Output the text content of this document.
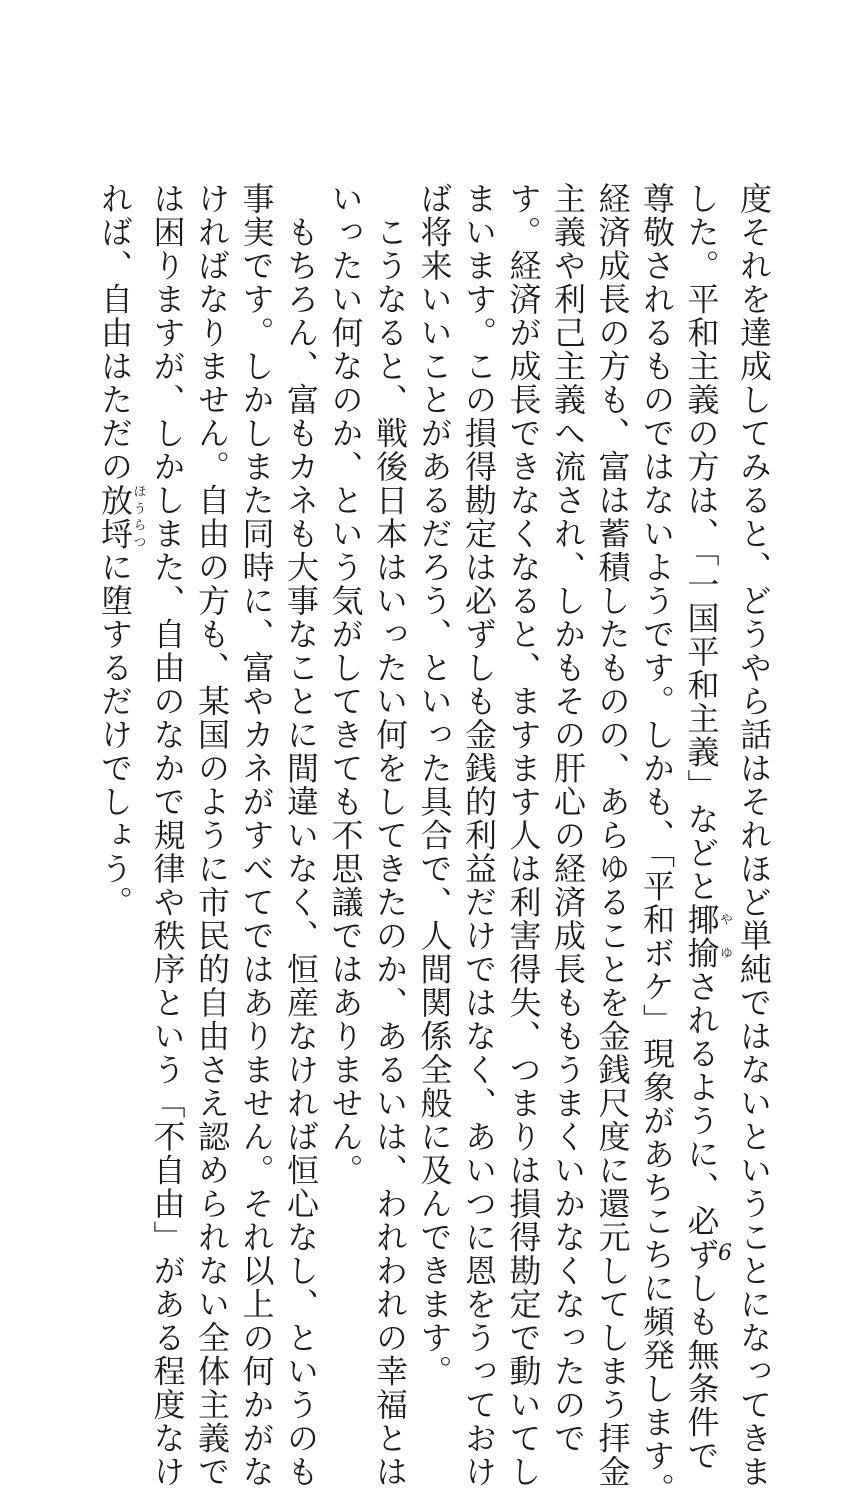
度それを達成してみると、どうやら話はそれほど単純ではないということになってきま
した。平和主義の方は、「一国平和主義」などと揶揄やゆされるように、必ずしも無条件で
尊敬されるものではないようです。しかも、「平和ボケ」現象があちこちに頻発します。
経済成長の方も、富は蓄積したものの、あらゆることを金銭尺度に還元してしまう拝金
主義や利己主義へ流され、しかもその肝心の経済成長ももうまくいかなくなったので
す。経済が成長できなくなると、ますます人は利害得失、つまりは損得勘定で動いてし
まいます。この損得勘定は必ずしも金銭的利益だけではなく、あいつに恩をうっておけ
ば将来いいことがあるだろう、といった具合で、人間関係全般に及んできます。
　こうなると、戦後日本はいったい何をしてきたのか、あるいは、われわれの幸福とは
いったい何なのか、という気がしてきても不思議ではありません。
　もちろん、富もカネも大事なことに間違いなく、恒産なければ恒心なし、というのも
事実です。しかしまた同時に、富やカネがすべてではありません。それ以上の何かがな
ければなりません。自由の方も、某国のように市民的自由さえ認められない全体主義で
は困りますが、しかしまた、自由のなかで規律や秩序という「不自由」がある程度なけ
れば、自由はただの放埒ほうらつに堕するだけでしょう。
6
